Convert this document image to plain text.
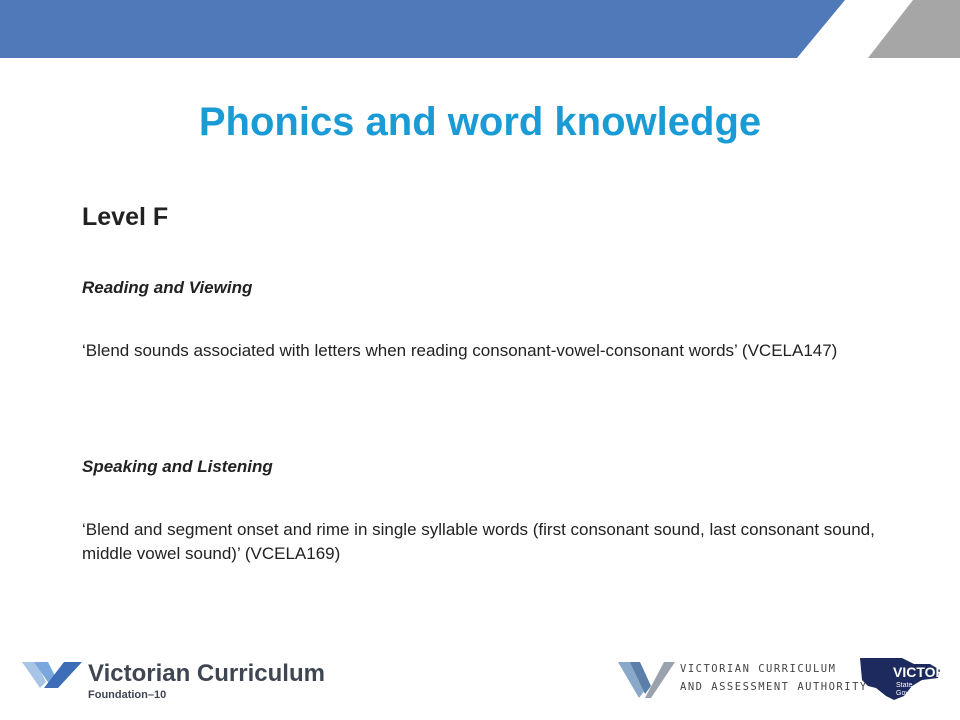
Phonics and word knowledge
Level F
Reading and Viewing
‘Blend sounds associated with letters when reading consonant-vowel-consonant words’ (VCELA147)
Speaking and Listening
‘Blend and segment onset and rime in single syllable words (first consonant sound, last consonant sound, middle vowel sound)’ (VCELA169)
Victorian Curriculum
Foundation–10
VICTORIAN CURRICULUM
AND ASSESSMENT AUTHORITY
VICTORIA
State
Government
